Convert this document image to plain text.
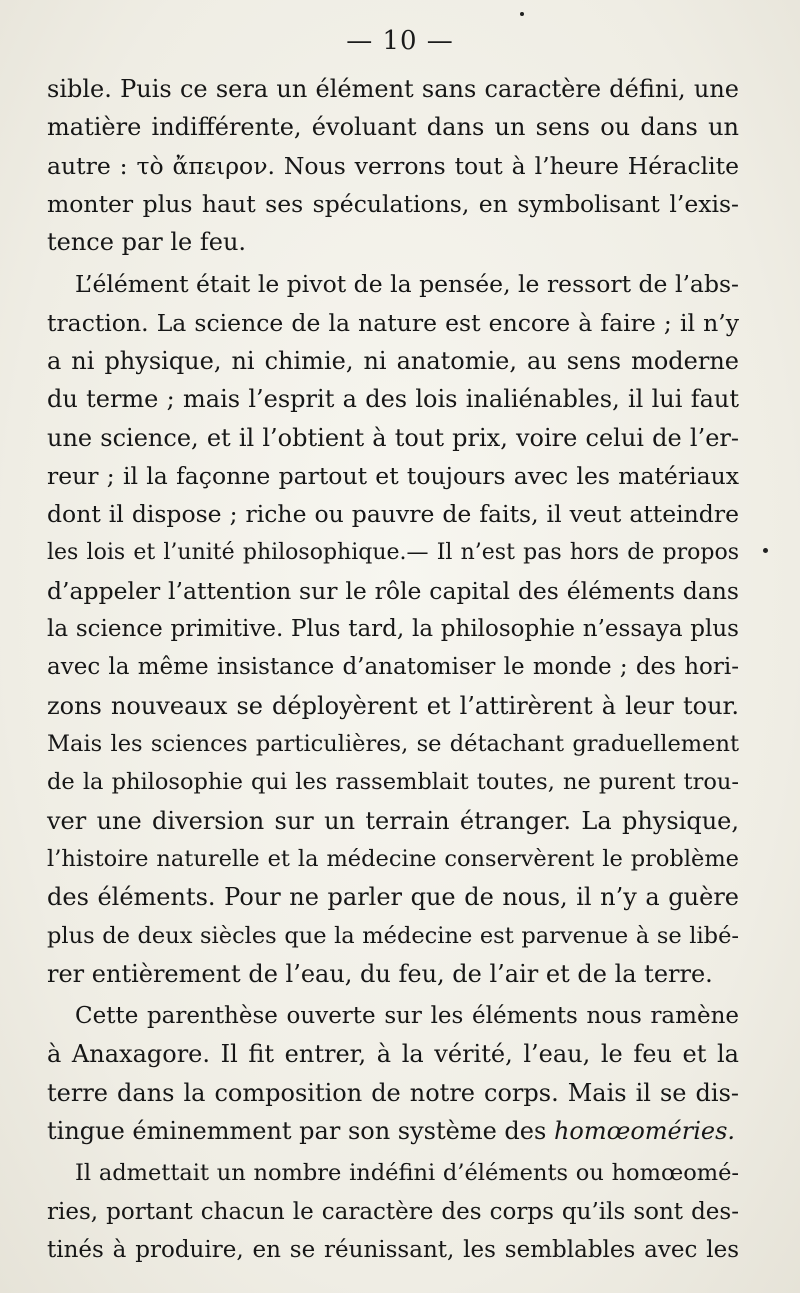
— 10 —
sible. Puis ce sera un élément sans caractère défini, une
matière indifférente, évoluant dans un sens ou dans un
autre : τὸ ἄπειρον. Nous verrons tout à l’heure Héraclite
monter plus haut ses spéculations, en symbolisant l’exis-
tence par le feu.
L’élément était le pivot de la pensée, le ressort de l’abs-
traction. La science de la nature est encore à faire ; il n’y
a ni physique, ni chimie, ni anatomie, au sens moderne
du terme ; mais l’esprit a des lois inaliénables, il lui faut
une science, et il l’obtient à tout prix, voire celui de l’er-
reur ; il la façonne partout et toujours avec les matériaux
dont il dispose ; riche ou pauvre de faits, il veut atteindre
les lois et l’unité philosophique.— Il n’est pas hors de propos
d’appeler l’attention sur le rôle capital des éléments dans
la science primitive. Plus tard, la philosophie n’essaya plus
avec la même insistance d’anatomiser le monde ; des hori-
zons nouveaux se déployèrent et l’attirèrent à leur tour.
Mais les sciences particulières, se détachant graduellement
de la philosophie qui les rassemblait toutes, ne purent trou-
ver une diversion sur un terrain étranger. La physique,
l’histoire naturelle et la médecine conservèrent le problème
des éléments. Pour ne parler que de nous, il n’y a guère
plus de deux siècles que la médecine est parvenue à se libé-
rer entièrement de l’eau, du feu, de l’air et de la terre.
Cette parenthèse ouverte sur les éléments nous ramène
à Anaxagore. Il fit entrer, à la vérité, l’eau, le feu et la
terre dans la composition de notre corps. Mais il se dis-
tingue éminemment par son système des homœoméries.
Il admettait un nombre indéfini d’éléments ou homœomé-
ries, portant chacun le caractère des corps qu’ils sont des-
tinés à produire, en se réunissant, les semblables avec les
